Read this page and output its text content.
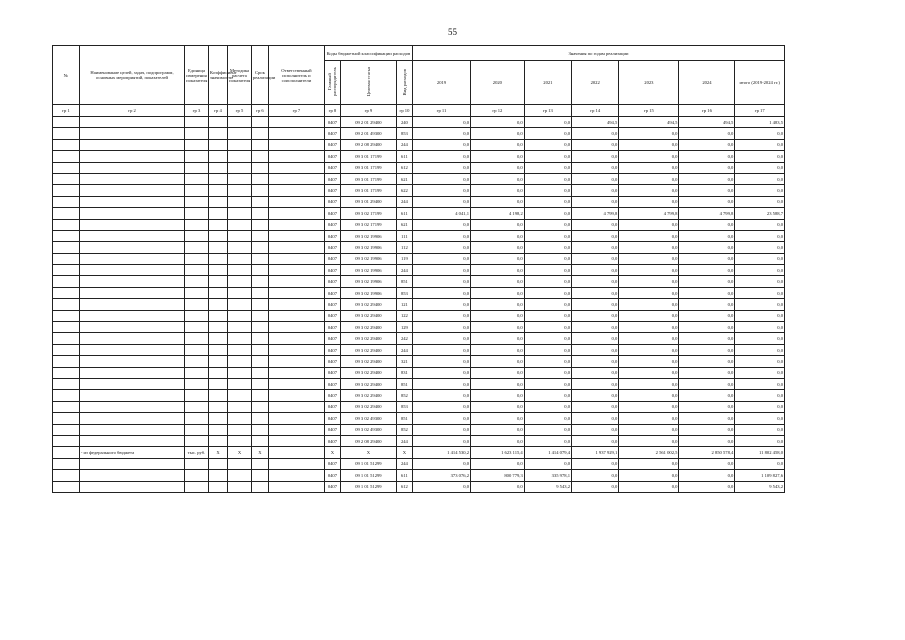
55
№	Наименование целей, задач, подпрограмм, основных мероприятий, показателей	Единица измерения показателя	Коэффициент значимости	Методика расчета показателя	Срок реализации	Ответственный исполнитель и соисполнители	Коды бюджетной классификации расходов			Значения по годам реализации						
							Главный распорядитель	Целевая статья	Вид расходов	2019	2020	2021	2022	2023	2024	итого (2019-2024 гг.)
гр 1	гр 2	гр 3	гр 4	гр 5	гр 6	гр 7	гр 8	гр 9	гр 10	гр 11	гр 12	гр 13	гр 14	гр 15	гр 16	гр 17
							0407	09 2 01 29400	240	0,0	0,0	0,0	494,5	494,5	494,5	1 483,5
							0407	09 2 01 49300	853	0,0	0,0	0,0	0,0	0,0	0,0	0,0
							0407	09 2 08 29400	244	0,0	0,0	0,0	0,0	0,0	0,0	0,0
							0407	09 3 01 17199	611	0,0	0,0	0,0	0,0	0,0	0,0	0,0
							0407	09 3 01 17199	612	0,0	0,0	0,0	0,0	0,0	0,0	0,0
							0407	09 3 01 17199	621	0,0	0,0	0,0	0,0	0,0	0,0	0,0
							0407	09 3 01 17199	622	0,0	0,0	0,0	0,0	0,0	0,0	0,0
							0407	09 3 01 29400	244	0,0	0,0	0,0	0,0	0,0	0,0	0,0
							0407	09 3 02 17199	611	4 041,1	4 198,2	0,0	4 799,8	4 799,8	4 799,8	23 588,7
							0407	09 3 02 17199	621	0,0	0,0	0,0	0,0	0,0	0,0	0,0
							0407	09 3 02 19906	111	0,0	0,0	0,0	0,0	0,0	0,0	0,0
							0407	09 3 02 19906	112	0,0	0,0	0,0	0,0	0,0	0,0	0,0
							0407	09 3 02 19906	119	0,0	0,0	0,0	0,0	0,0	0,0	0,0
							0407	09 3 02 19906	244	0,0	0,0	0,0	0,0	0,0	0,0	0,0
							0407	09 3 02 19906	851	0,0	0,0	0,0	0,0	0,0	0,0	0,0
							0407	09 3 02 19906	853	0,0	0,0	0,0	0,0	0,0	0,0	0,0
							0407	09 3 02 29400	121	0,0	0,0	0,0	0,0	0,0	0,0	0,0
							0407	09 3 02 29400	122	0,0	0,0	0,0	0,0	0,0	0,0	0,0
							0407	09 3 02 29400	129	0,0	0,0	0,0	0,0	0,0	0,0	0,0
							0407	09 3 02 29400	242	0,0	0,0	0,0	0,0	0,0	0,0	0,0
							0407	09 3 02 29400	244	0,0	0,0	0,0	0,0	0,0	0,0	0,0
							0407	09 3 02 29400	321	0,0	0,0	0,0	0,0	0,0	0,0	0,0
							0407	09 3 02 29400	831	0,0	0,0	0,0	0,0	0,0	0,0	0,0
							0407	09 3 02 29400	851	0,0	0,0	0,0	0,0	0,0	0,0	0,0
							0407	09 3 02 29400	852	0,0	0,0	0,0	0,0	0,0	0,0	0,0
							0407	09 3 02 29400	853	0,0	0,0	0,0	0,0	0,0	0,0	0,0
							0407	09 3 02 49300	851	0,0	0,0	0,0	0,0	0,0	0,0	0,0
							0407	09 3 02 49300	852	0,0	0,0	0,0	0,0	0,0	0,0	0,0
							0407	09 2 08 29400	244	0,0	0,0	0,0	0,0	0,0	0,0	0,0
	- из федерального бюджета	тыс. руб.	X	X	X		X	X	X	1 414 530,2	1 623 115,4	1 414 079,4	1 937 929,1	2 561 002,5	2 850 578,4	11 802 458,0
							0407	09 1 01 51299	244	0,0	0,0	0,0	0,0	0,0	0,0	0,0
							0407	09 1 01 51299	611	373 076,2	800 779,3	335 978,1	0,0	0,0	0,0	1 109 827,6
							0407	09 1 01 51299	612	0,0	0,0	9 543,2	0,0	0,0	0,0	9 543,2
